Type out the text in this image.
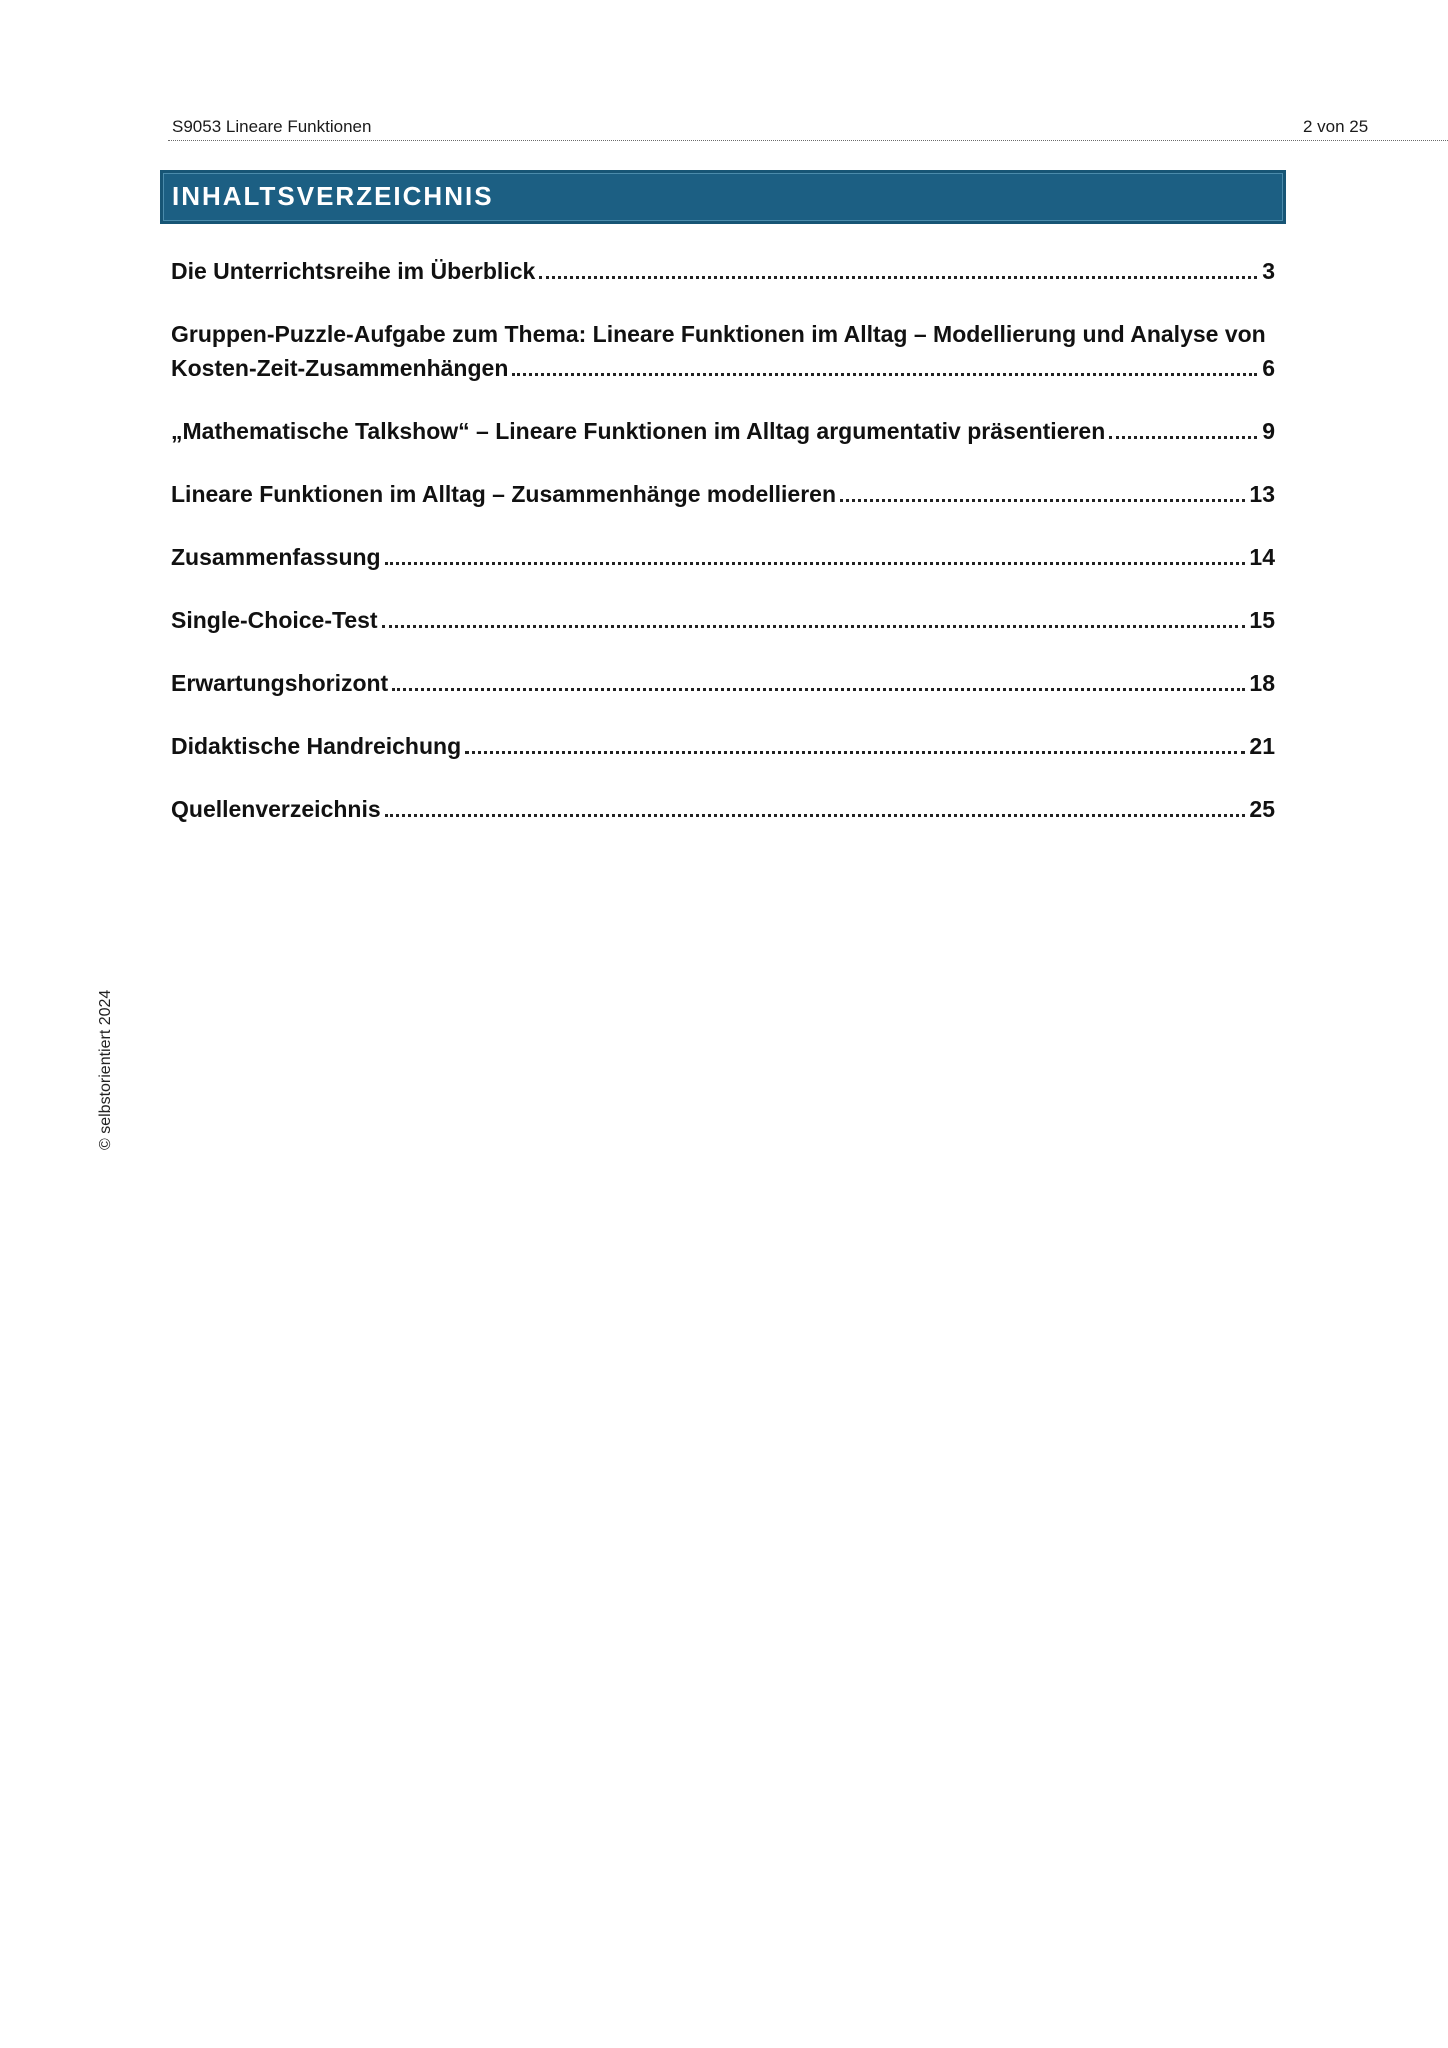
S9053 Lineare Funktionen	2 von 25
INHALTSVERZEICHNIS
Die Unterrichtsreihe im Überblick	3
Gruppen-Puzzle-Aufgabe zum Thema: Lineare Funktionen im Alltag – Modellierung und Analyse von
Kosten-Zeit-Zusammenhängen	6
„Mathematische Talkshow“ – Lineare Funktionen im Alltag argumentativ präsentieren	9
Lineare Funktionen im Alltag – Zusammenhänge modellieren	13
Zusammenfassung	14
Single-Choice-Test	15
Erwartungshorizont	18
Didaktische Handreichung	21
Quellenverzeichnis	25
© selbstorientiert 2024
